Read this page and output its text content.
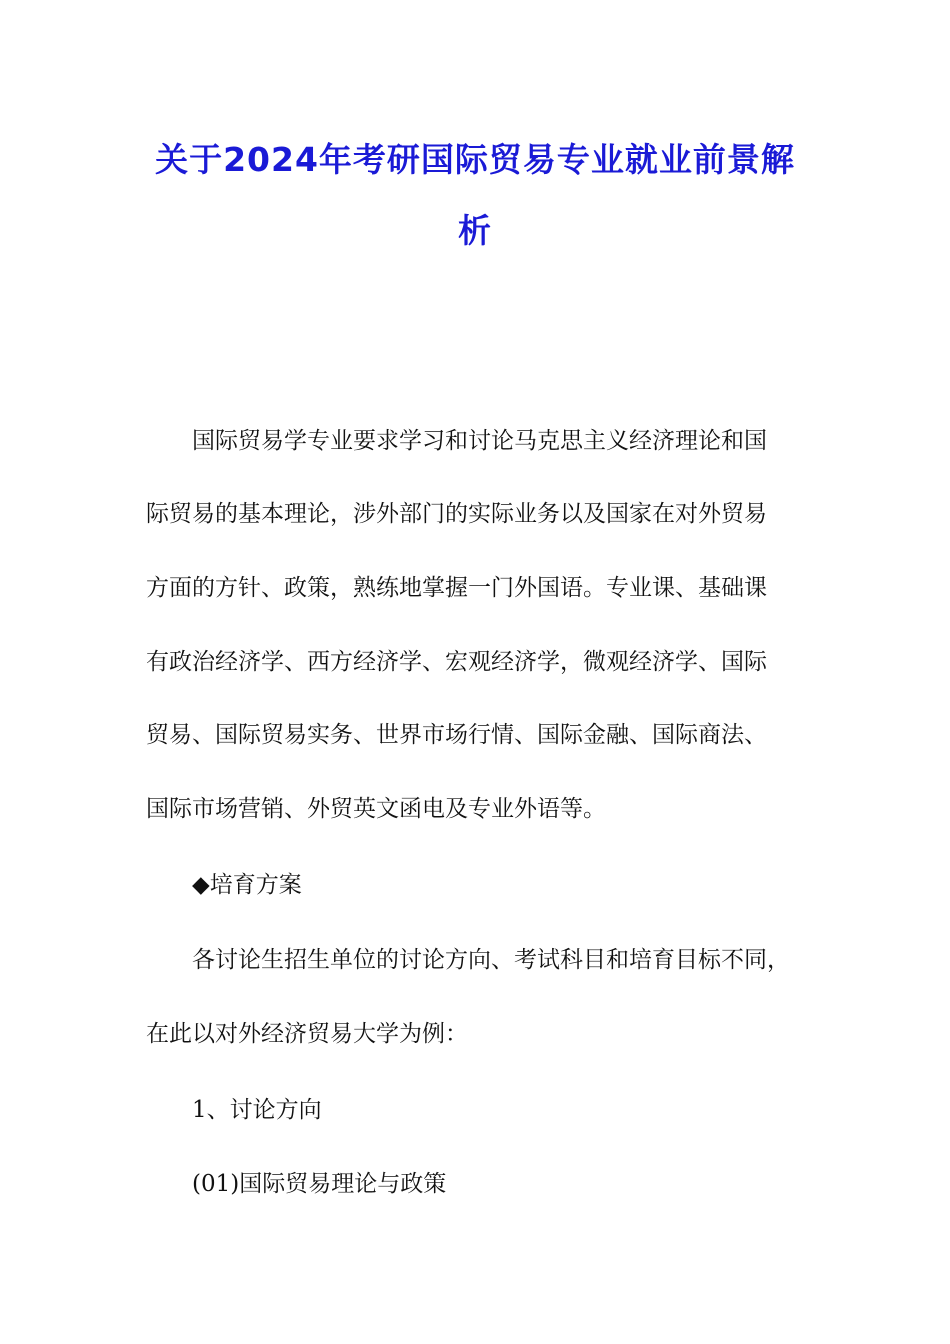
关于2024年考研国际贸易专业就业前景解
析
国际贸易学专业要求学习和讨论马克思主义经济理论和国
际贸易的基本理论，涉外部门的实际业务以及国家在对外贸易
方面的方针、政策，熟练地掌握一门外国语。专业课、基础课
有政治经济学、西方经济学、宏观经济学，微观经济学、国际
贸易、国际贸易实务、世界市场行情、国际金融、国际商法、
国际市场营销、外贸英文函电及专业外语等。
◆培育方案
各讨论生招生单位的讨论方向、考试科目和培育目标不同，
在此以对外经济贸易大学为例：
1、讨论方向
(01)国际贸易理论与政策
